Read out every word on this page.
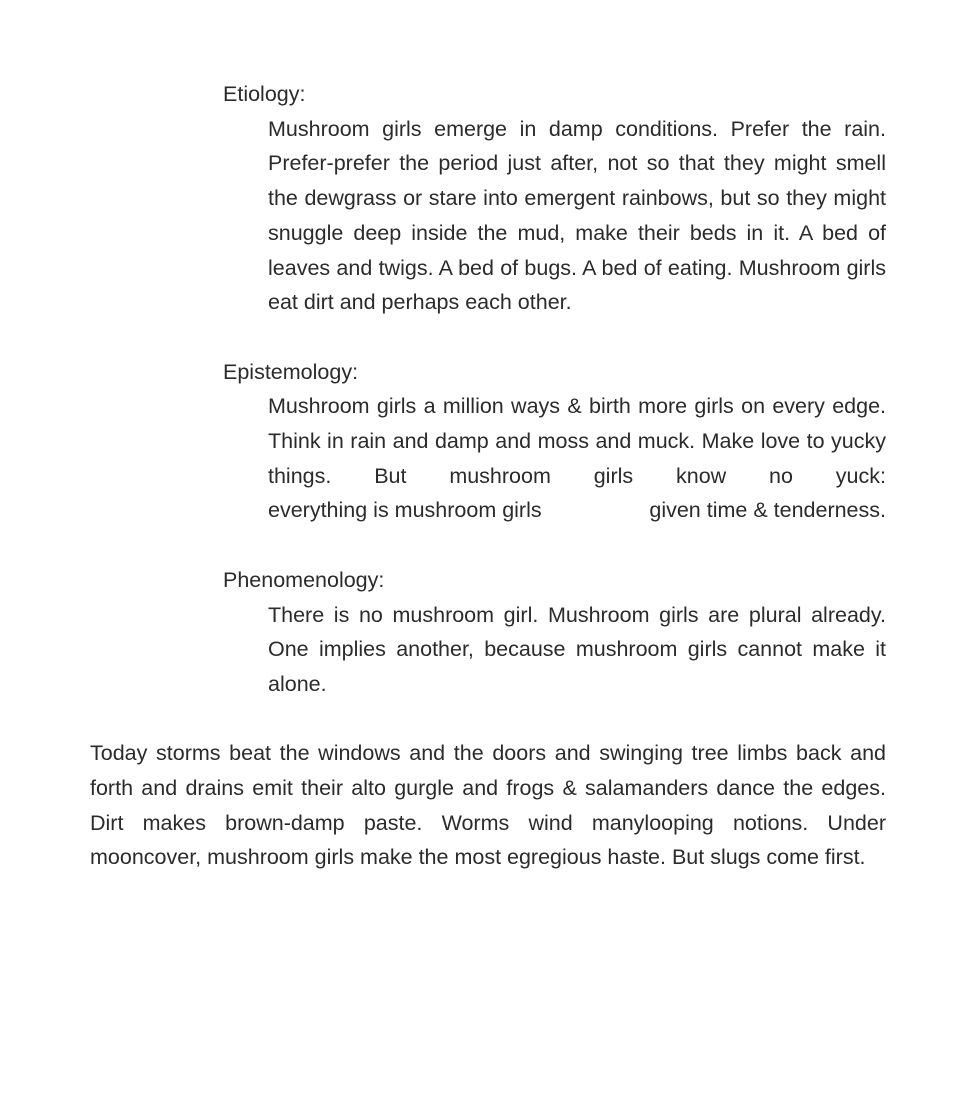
Etiology:
Mushroom girls emerge in damp conditions. Prefer the rain. Prefer-prefer the period just after, not so that they might smell the dewgrass or stare into emergent rainbows, but so they might snuggle deep inside the mud, make their beds in it. A bed of leaves and twigs. A bed of bugs. A bed of eating. Mushroom girls eat dirt and perhaps each other.
Epistemology:
Mushroom girls a million ways & birth more girls on every edge. Think in rain and damp and moss and muck. Make love to yucky things. But mushroom girls know no yuck:
everything is mushroom girls	given time & tenderness.
Phenomenology:
There is no mushroom girl. Mushroom girls are plural already. One implies another, because mushroom girls cannot make it alone.
Today storms beat the windows and the doors and swinging tree limbs back and forth and drains emit their alto gurgle and frogs & salamanders dance the edges. Dirt makes brown-damp paste. Worms wind manylooping notions. Under mooncover, mushroom girls make the most egregious haste. But slugs come first.
